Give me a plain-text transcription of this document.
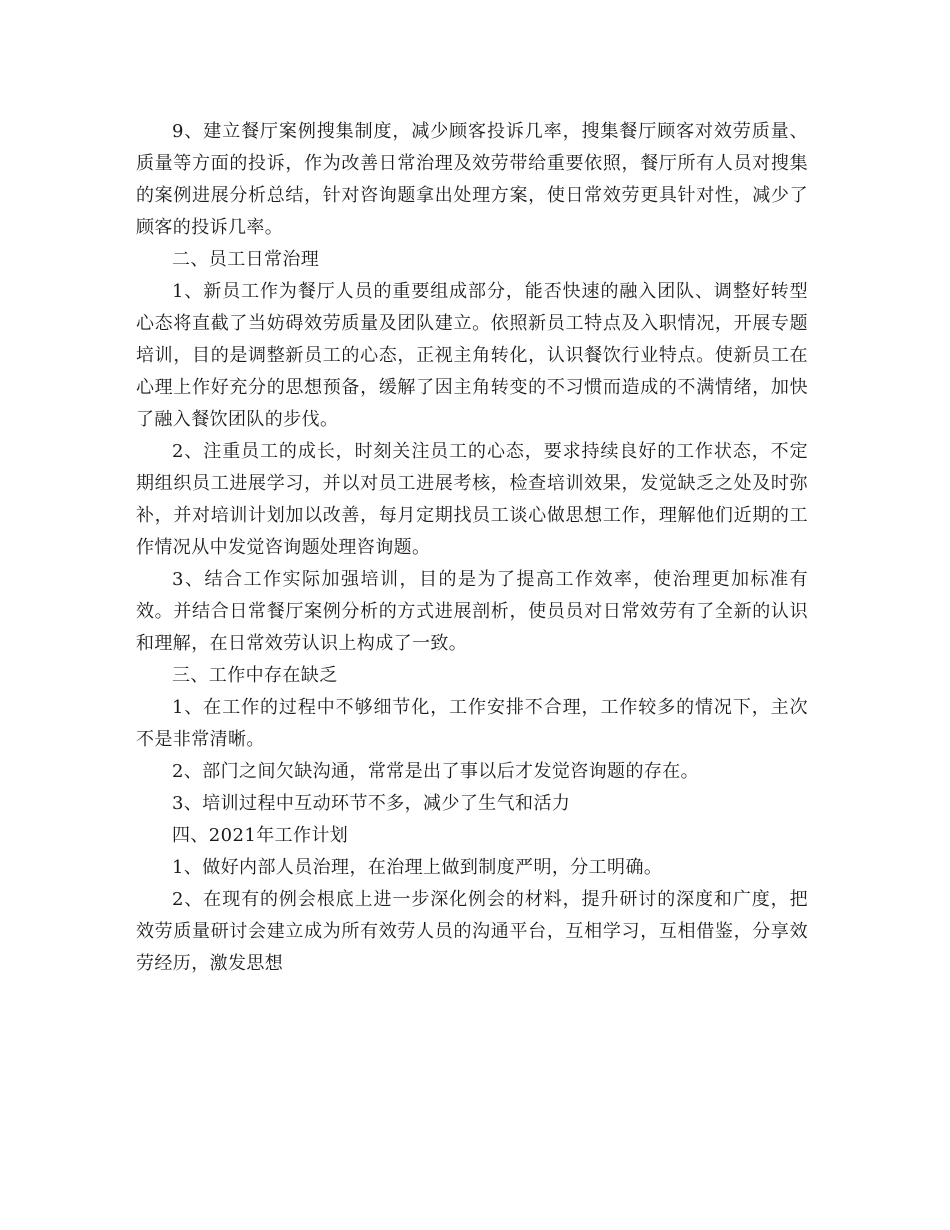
9、建立餐厅案例搜集制度，减少顾客投诉几率，搜集餐厅顾客对效劳质量、质量等方面的投诉，作为改善日常治理及效劳带给重要依照，餐厅所有人员对搜集的案例进展分析总结，针对咨询题拿出处理方案，使日常效劳更具针对性，减少了顾客的投诉几率。

二、员工日常治理

1、新员工作为餐厅人员的重要组成部分，能否快速的融入团队、调整好转型心态将直截了当妨碍效劳质量及团队建立。依照新员工特点及入职情况，开展专题培训，目的是调整新员工的心态，正视主角转化，认识餐饮行业特点。使新员工在心理上作好充分的思想预备，缓解了因主角转变的不习惯而造成的不满情绪，加快了融入餐饮团队的步伐。

2、注重员工的成长，时刻关注员工的心态，要求持续良好的工作状态，不定期组织员工进展学习，并以对员工进展考核，检查培训效果，发觉缺乏之处及时弥补，并对培训计划加以改善，每月定期找员工谈心做思想工作，理解他们近期的工作情况从中发觉咨询题处理咨询题。

3、结合工作实际加强培训，目的是为了提高工作效率，使治理更加标准有效。并结合日常餐厅案例分析的方式进展剖析，使员员对日常效劳有了全新的认识和理解，在日常效劳认识上构成了一致。

三、工作中存在缺乏

1、在工作的过程中不够细节化，工作安排不合理，工作较多的情况下，主次不是非常清晰。

2、部门之间欠缺沟通，常常是出了事以后才发觉咨询题的存在。

3、培训过程中互动环节不多，减少了生气和活力

四、2021年工作计划

1、做好内部人员治理，在治理上做到制度严明，分工明确。

2、在现有的例会根底上进一步深化例会的材料，提升研讨的深度和广度，把效劳质量研讨会建立成为所有效劳人员的沟通平台，互相学习，互相借鉴，分享效劳经历，激发思想
